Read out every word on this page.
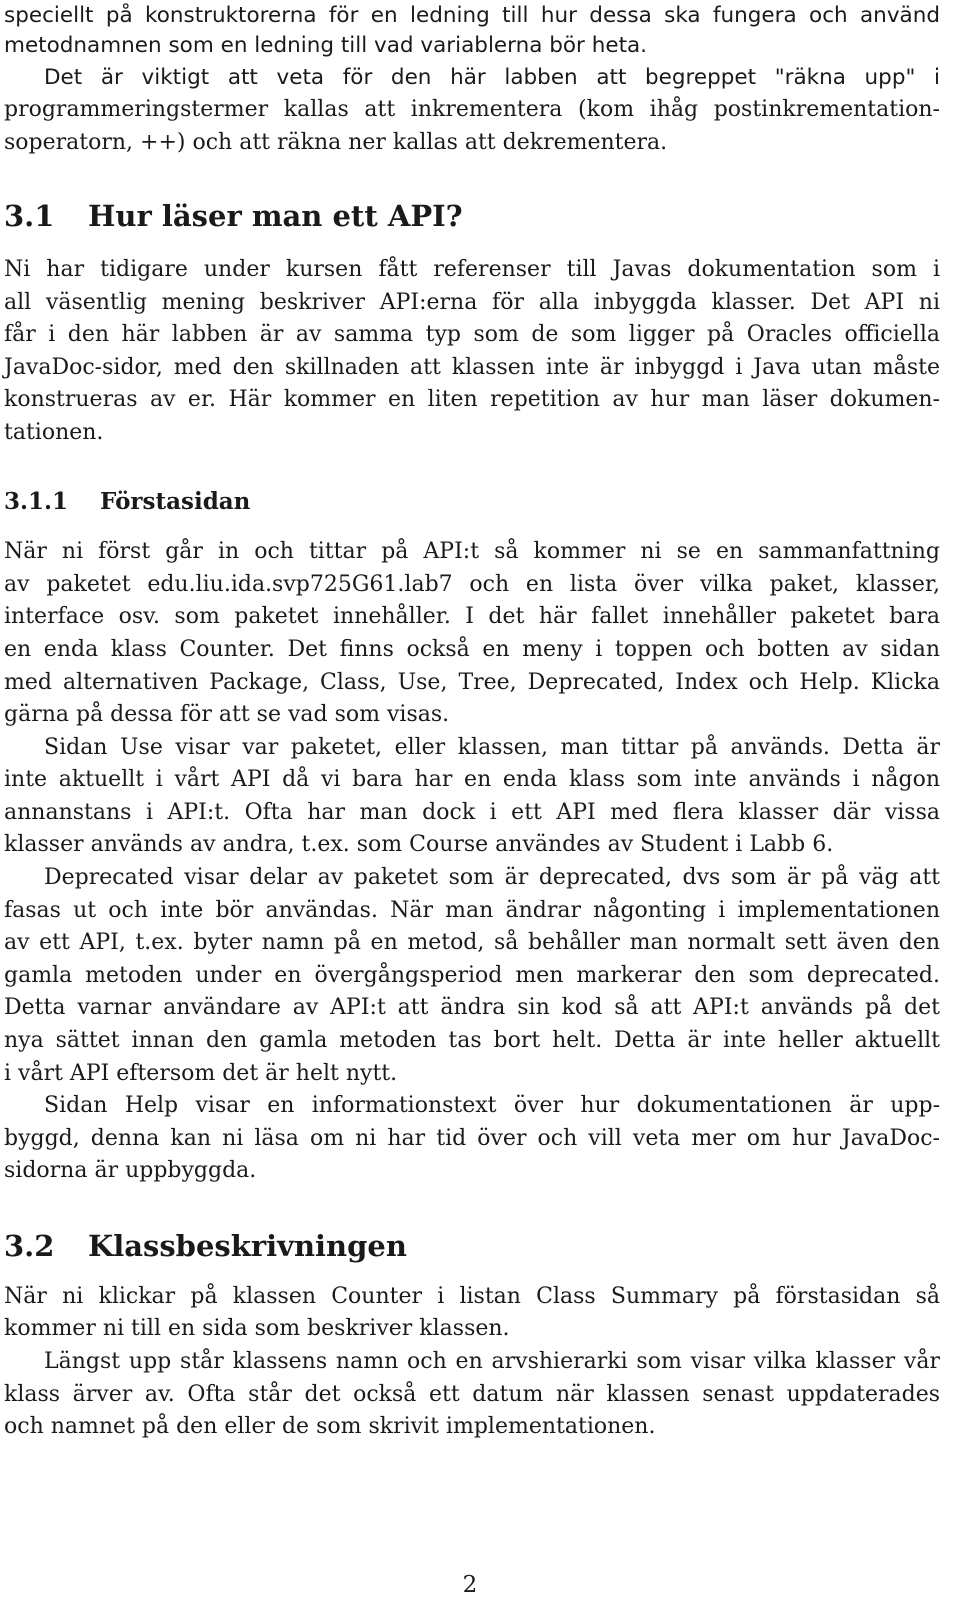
speciellt på konstruktorerna för en ledning till hur dessa ska fungera och använd
metodnamnen som en ledning till vad variablerna bör heta.
Det är viktigt att veta för den här labben att begreppet "räkna upp" i
programmeringstermer kallas att inkrementera (kom ihåg postinkrementation-
soperatorn, ++) och att räkna ner kallas att dekrementera.
3.1 Hur läser man ett API?
Ni har tidigare under kursen fått referenser till Javas dokumentation som i
all väsentlig mening beskriver API:erna för alla inbyggda klasser. Det API ni
får i den här labben är av samma typ som de som ligger på Oracles officiella
JavaDoc-sidor, med den skillnaden att klassen inte är inbyggd i Java utan måste
konstrueras av er. Här kommer en liten repetition av hur man läser dokumen-
tationen.
3.1.1 Förstasidan
När ni först går in och tittar på API:t så kommer ni se en sammanfattning
av paketet edu.liu.ida.svp725G61.lab7 och en lista över vilka paket, klasser,
interface osv. som paketet innehåller. I det här fallet innehåller paketet bara
en enda klass Counter. Det finns också en meny i toppen och botten av sidan
med alternativen Package, Class, Use, Tree, Deprecated, Index och Help. Klicka
gärna på dessa för att se vad som visas.
Sidan Use visar var paketet, eller klassen, man tittar på används. Detta är
inte aktuellt i vårt API då vi bara har en enda klass som inte används i någon
annanstans i API:t. Ofta har man dock i ett API med flera klasser där vissa
klasser används av andra, t.ex. som Course användes av Student i Labb 6.
Deprecated visar delar av paketet som är deprecated, dvs som är på väg att
fasas ut och inte bör användas. När man ändrar någonting i implementationen
av ett API, t.ex. byter namn på en metod, så behåller man normalt sett även den
gamla metoden under en övergångsperiod men markerar den som deprecated.
Detta varnar användare av API:t att ändra sin kod så att API:t används på det
nya sättet innan den gamla metoden tas bort helt. Detta är inte heller aktuellt
i vårt API eftersom det är helt nytt.
Sidan Help visar en informationstext över hur dokumentationen är upp-
byggd, denna kan ni läsa om ni har tid över och vill veta mer om hur JavaDoc-
sidorna är uppbyggda.
3.2 Klassbeskrivningen
När ni klickar på klassen Counter i listan Class Summary på förstasidan så
kommer ni till en sida som beskriver klassen.
Längst upp står klassens namn och en arvshierarki som visar vilka klasser vår
klass ärver av. Ofta står det också ett datum när klassen senast uppdaterades
och namnet på den eller de som skrivit implementationen.
2
